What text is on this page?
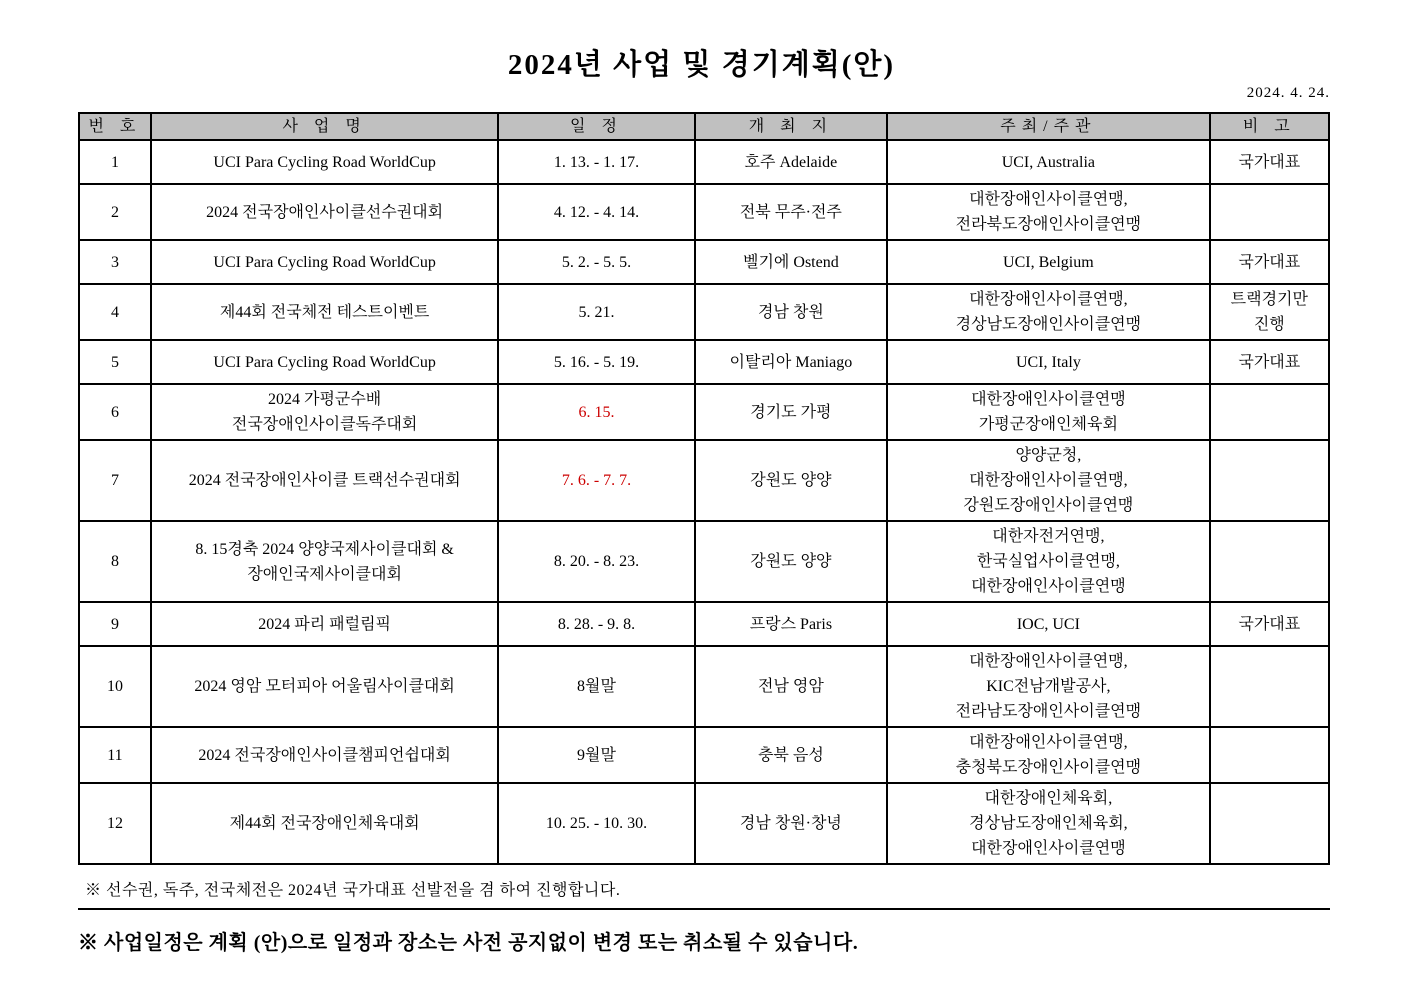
2024년 사업 및 경기계획(안)
2024. 4. 24.
번 호	사 업 명	일 정	개 최 지	주최/주관	비 고
1	UCI Para Cycling Road WorldCup	1. 13. - 1. 17.	호주 Adelaide	UCI, Australia	국가대표
2	2024 전국장애인사이클선수권대회	4. 12. - 4. 14.	전북 무주·전주	대한장애인사이클연맹,
전라북도장애인사이클연맹	
3	UCI Para Cycling Road WorldCup	5. 2. - 5. 5.	벨기에 Ostend	UCI, Belgium	국가대표
4	제44회 전국체전 테스트이벤트	5. 21.	경남 창원	대한장애인사이클연맹,
경상남도장애인사이클연맹	트랙경기만
진행
5	UCI Para Cycling Road WorldCup	5. 16. - 5. 19.	이탈리아 Maniago	UCI, Italy	국가대표
6	2024 가평군수배
전국장애인사이클독주대회	6. 15.	경기도 가평	대한장애인사이클연맹
가평군장애인체육회	
7	2024 전국장애인사이클 트랙선수권대회	7. 6. - 7. 7.	강원도 양양	양양군청,
대한장애인사이클연맹,
강원도장애인사이클연맹	
8	8. 15경축 2024 양양국제사이클대회 &
장애인국제사이클대회	8. 20. - 8. 23.	강원도 양양	대한자전거연맹,
한국실업사이클연맹,
대한장애인사이클연맹	
9	2024 파리 패럴림픽	8. 28. - 9. 8.	프랑스 Paris	IOC, UCI	국가대표
10	2024 영암 모터피아 어울림사이클대회	8월말	전남 영암	대한장애인사이클연맹,
KIC전남개발공사,
전라남도장애인사이클연맹	
11	2024 전국장애인사이클챔피언쉽대회	9월말	충북 음성	대한장애인사이클연맹,
충청북도장애인사이클연맹	
12	제44회 전국장애인체육대회	10. 25. - 10. 30.	경남 창원·창녕	대한장애인체육회,
경상남도장애인체육회,
대한장애인사이클연맹	
※ 선수권, 독주, 전국체전은 2024년 국가대표 선발전을 겸 하여 진행합니다.
※ 사업일정은 계획 (안)으로 일정과 장소는 사전 공지없이 변경 또는 취소될 수 있습니다.
